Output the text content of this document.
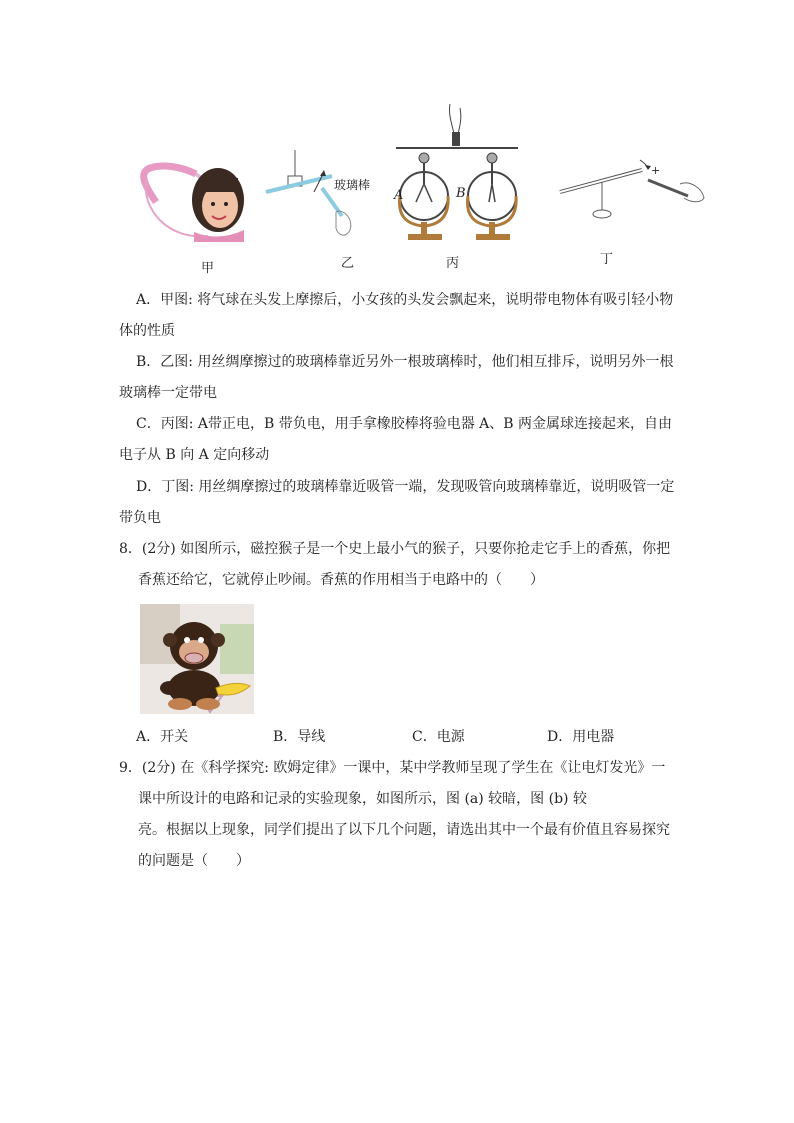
甲
玻璃棒
乙
A	B
丙
+
丁
A．甲图: 将气球在头发上摩擦后，小女孩的头发会飘起来，说明带电物体有吸引轻小物
体的性质
B．乙图: 用丝绸摩擦过的玻璃棒靠近另外一根玻璃棒时，他们相互排斥，说明另外一根
玻璃棒一定带电
C．丙图: A带正电，B 带负电，用手拿橡胶棒将验电器 A、B 两金属球连接起来，自由
电子从 B 向 A 定向移动
D．丁图: 用丝绸摩擦过的玻璃棒靠近吸管一端，发现吸管向玻璃棒靠近，说明吸管一定
带负电
8．(2分) 如图所示，磁控猴子是一个史上最小气的猴子，只要你抢走它手上的香蕉，你把
香蕉还给它，它就停止吵闹。香蕉的作用相当于电路中的（　　）
A．开关	B．导线	C．电源	D．用电器
9．(2分) 在《科学探究: 欧姆定律》一课中，某中学教师呈现了学生在《让电灯发光》一
课中所设计的电路和记录的实验现象，如图所示，图 (a) 较暗，图 (b) 较
亮。根据以上现象，同学们提出了以下几个问题，请选出其中一个最有价值且容易探究
的问题是（　　）
